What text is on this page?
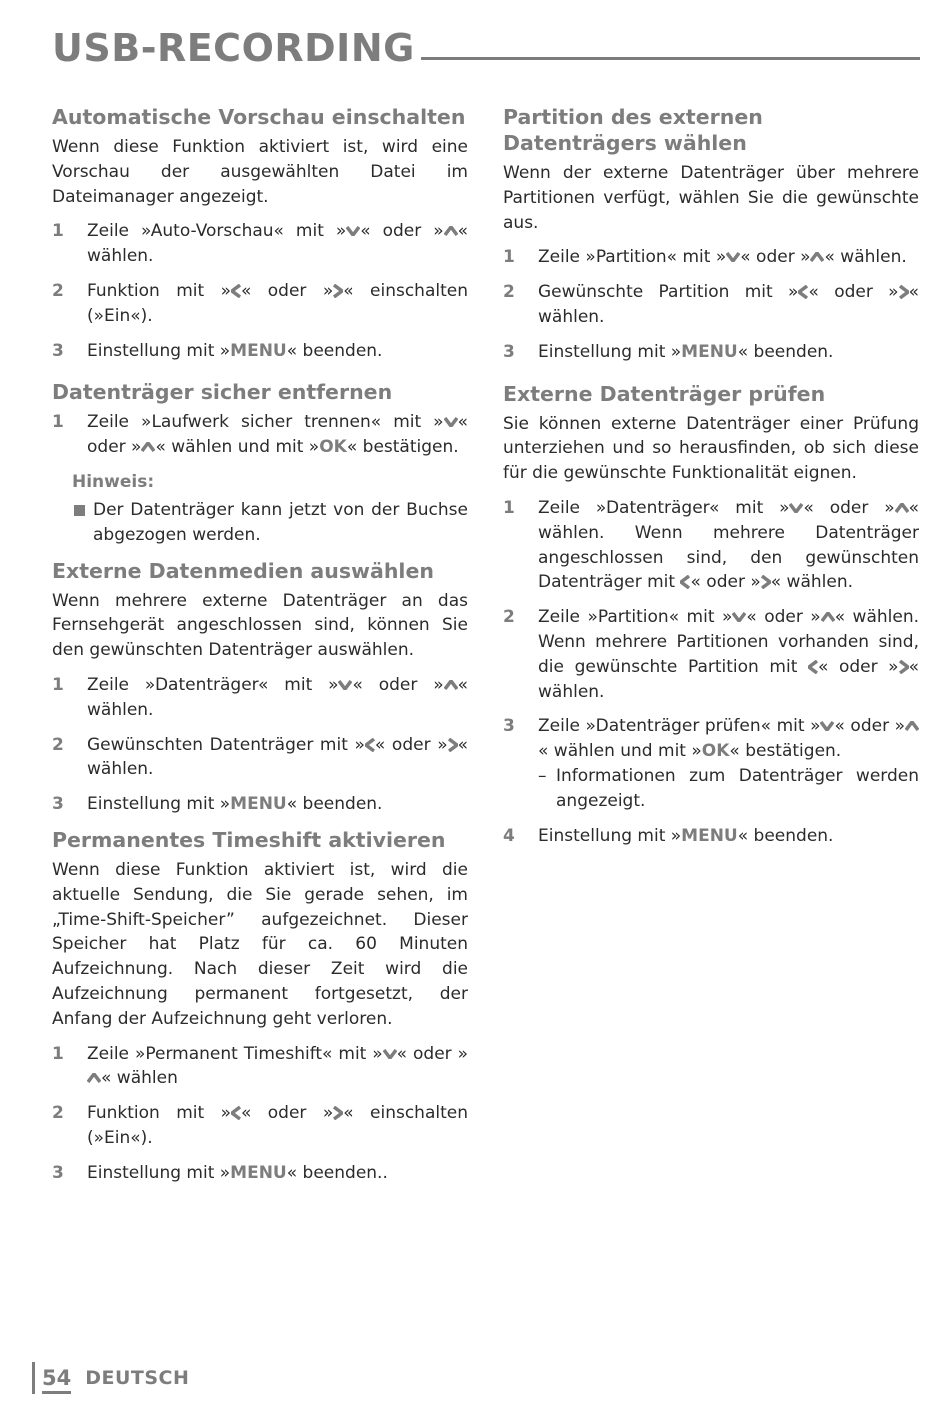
USB-RECORDING
Automatische Vorschau einschalten
Wenn diese Funktion aktiviert ist, wird eine Vorschau der ausgewählten Datei im Dateimanager angezeigt.
1	Zeile »Auto-Vorschau« mit » « oder » « wählen.
2	Funktion mit » « oder » « einschalten (»Ein«).
3	Einstellung mit »MENU« beenden.
Datenträger sicher entfernen
1	Zeile »Laufwerk sicher trennen« mit » « oder » « wählen und mit »OK« bestätigen.
Hinweis:
Der Datenträger kann jetzt von der Buchse abgezogen werden.
Externe Datenmedien auswählen
Wenn mehrere externe Datenträger an das Fernsehgerät angeschlossen sind, können Sie den gewünschten Datenträger auswählen.
1	Zeile »Datenträger« mit » « oder » « wählen.
2	Gewünschten Datenträger mit » « oder » « wählen.
3	Einstellung mit »MENU« beenden.
Permanentes Timeshift aktivieren
Wenn diese Funktion aktiviert ist, wird die aktuelle Sendung, die Sie gerade sehen, im „Time-Shift-Speicher” aufgezeichnet. Dieser Speicher hat Platz für ca. 60 Minuten Aufzeichnung. Nach dieser Zeit wird die Aufzeichnung permanent fortgesetzt, der Anfang der Aufzeichnung geht verloren.
1	Zeile »Permanent Timeshift« mit » « oder »
« wählen
2	Funktion mit » « oder » « einschalten (»Ein«).
3	Einstellung mit »MENU« beenden..
Partition des externen Datenträgers wählen
Wenn der externe Datenträger über mehrere Partitionen verfügt, wählen Sie die gewünschte aus.
1	Zeile »Partition« mit » « oder » « wählen.
2	Gewünschte Partition mit » « oder » « wählen.
3	Einstellung mit »MENU« beenden.
Externe Datenträger prüfen
Sie können externe Datenträger einer Prüfung unterziehen und so herausfinden, ob sich diese für die gewünschte Funktionalität eignen.
1	Zeile »Datenträger« mit » « oder » « wählen. Wenn mehrere Datenträger angeschlossen sind, den gewünschten Datenträger mit
« oder » « wählen.
2	Zeile »Partition« mit » « oder » « wählen. Wenn mehrere Partitionen vorhanden sind, die gewünschte Partition mit
« oder » « wählen.
3	Zeile »Datenträger prüfen« mit » « oder »
« wählen und mit »OK« bestätigen.
– Informationen zum Datenträger werden angezeigt.
4	Einstellung mit »MENU« beenden.
54 DEUTSCH
